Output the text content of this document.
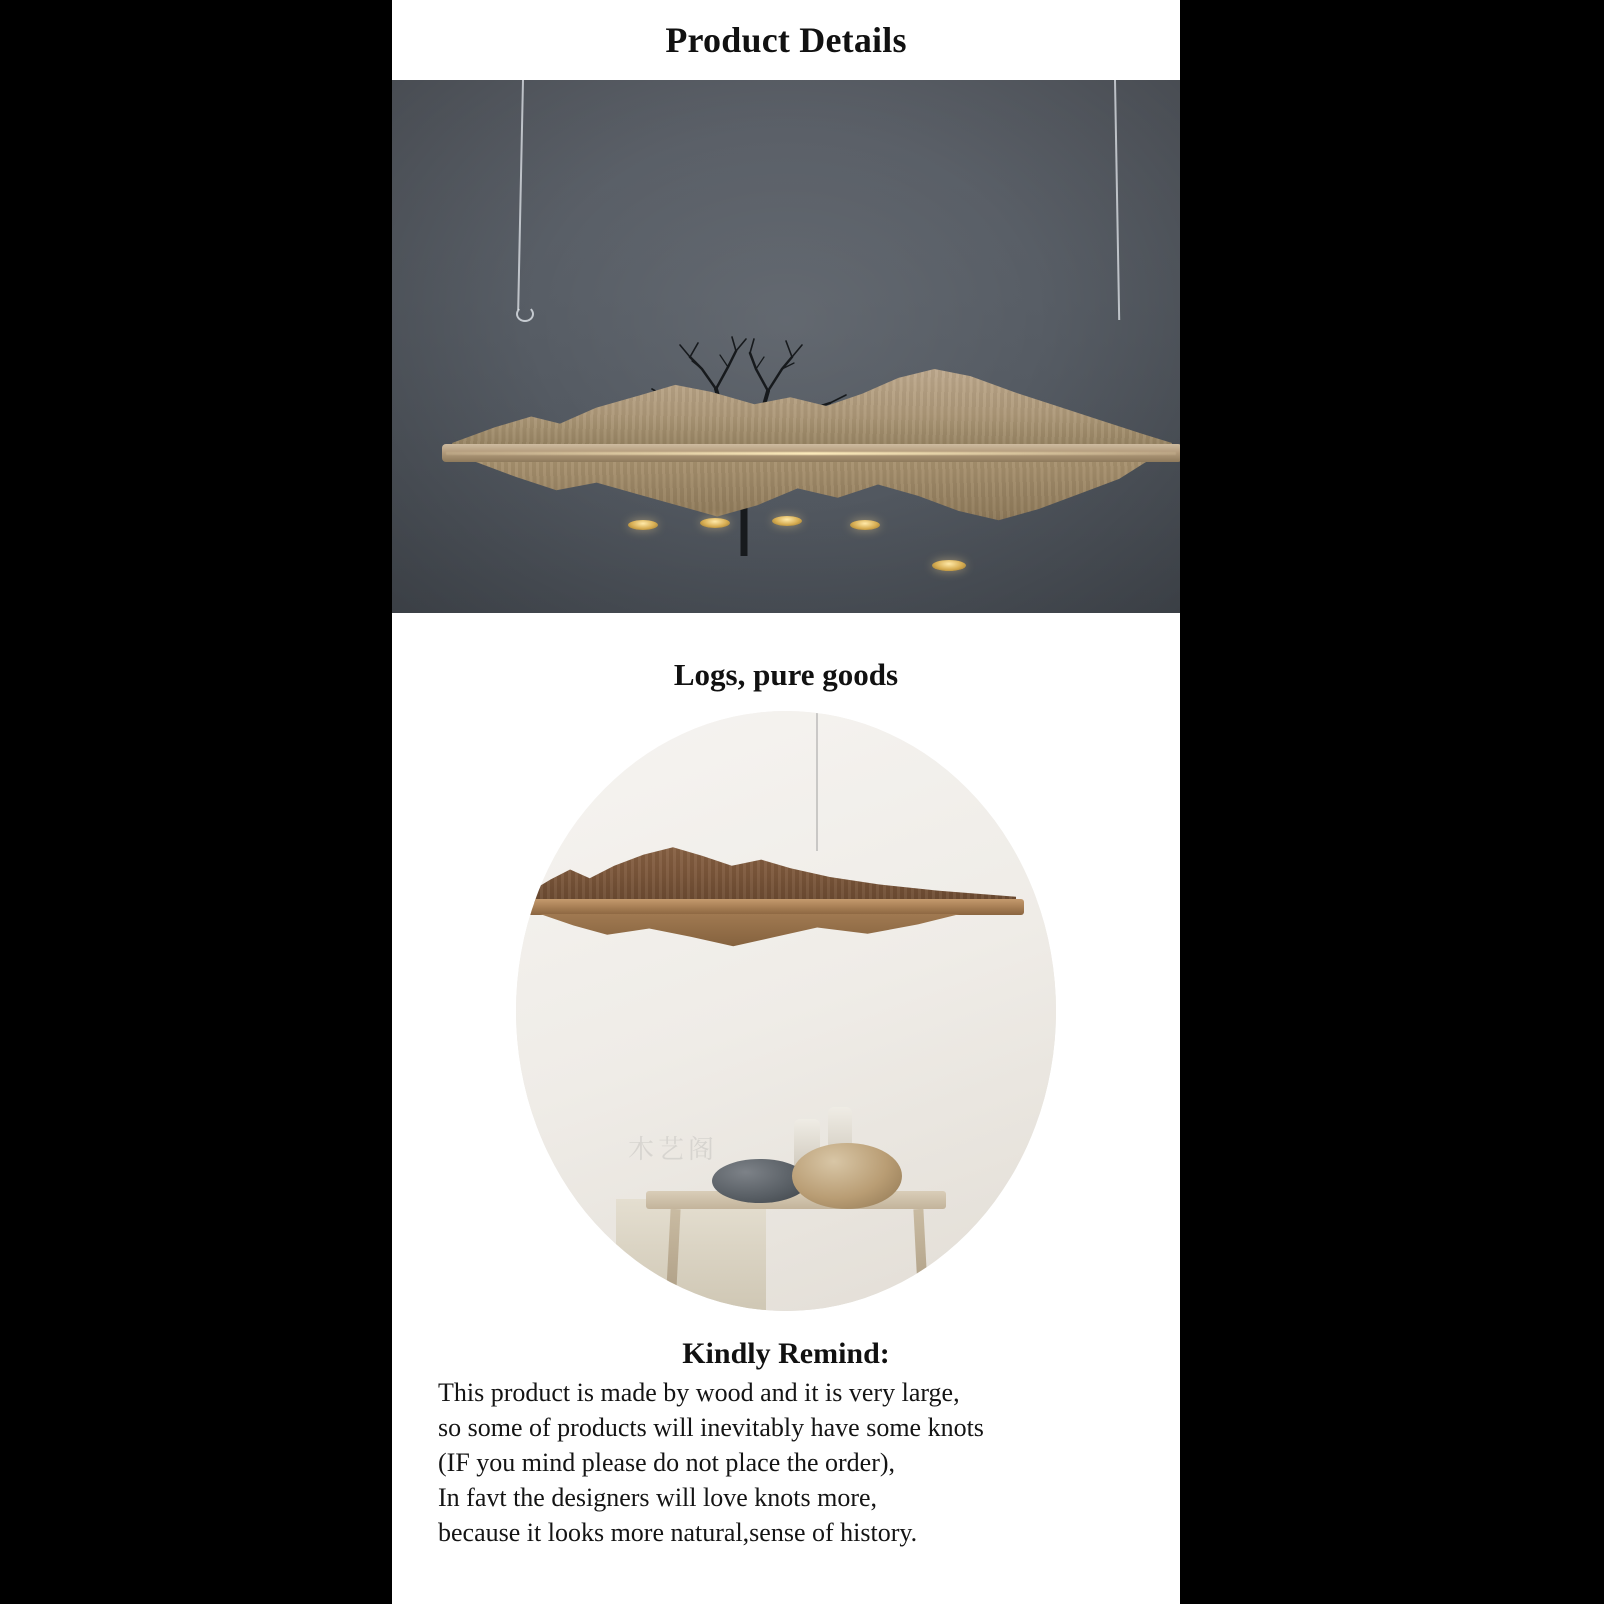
Product Details
Logs, pure goods
木艺阁
Kindly Remind:
This product is made by wood and it is very large,
so some of products will inevitably have some knots
(IF you mind please do not place the order),
In favt the designers will love knots more,
because it looks more natural,sense of history.
